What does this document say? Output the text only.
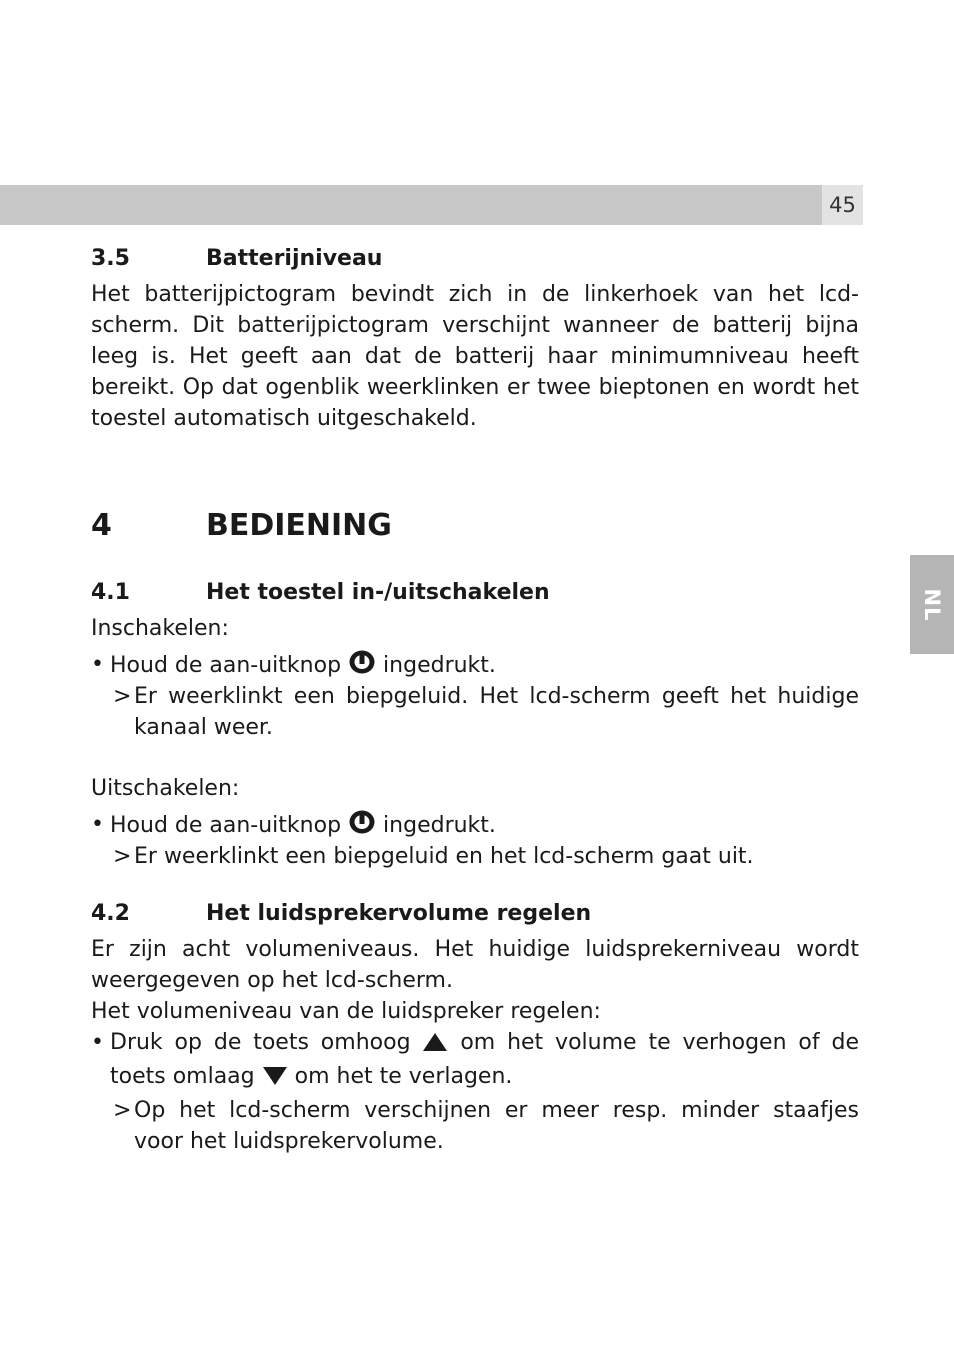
45
NL
3.5	Batterijniveau

Het batterijpictogram bevindt zich in de linkerhoek van het lcd-scherm. Dit batterijpictogram verschijnt wanneer de batterij bijna leeg is. Het geeft aan dat de batterij haar minimumniveau heeft bereikt. Op dat ogenblik weerklinken er twee bieptonen en wordt het toestel automatisch uitgeschakeld.

4	BEDIENING
4.1	Het toestel in-/uitschakelen

Inschakelen:

• Houd de aan-uitknop ingedrukt.

> Er weerklinkt een biepgeluid. Het lcd-scherm geeft het huidige kanaal weer.

Uitschakelen:

• Houd de aan-uitknop ingedrukt.

> Er weerklinkt een biepgeluid en het lcd-scherm gaat uit.

4.2	Het luidsprekervolume regelen

Er zijn acht volumeniveaus. Het huidige luidsprekerniveau wordt weergegeven op het lcd-scherm.

Het volumeniveau van de luidspreker regelen:

• Druk op de toets omhoog om het volume te verhogen of de toets omlaag om het te verlagen.

> Op het lcd-scherm verschijnen er meer resp. minder staafjes voor het luidsprekervolume.
